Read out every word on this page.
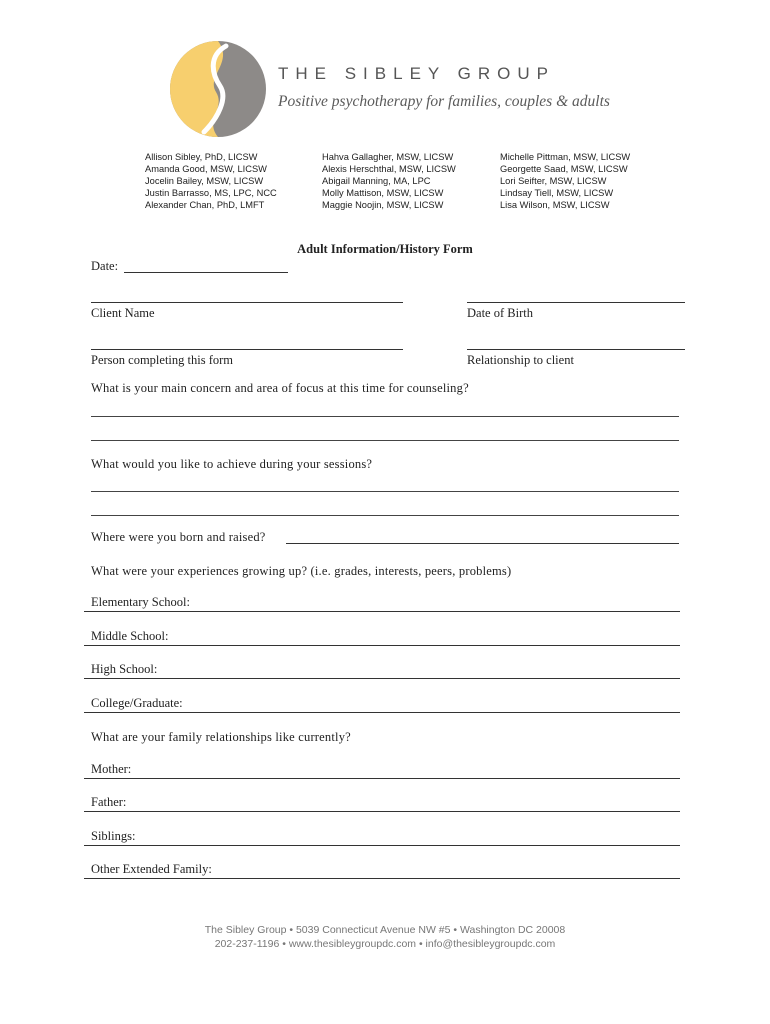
THE SIBLEY GROUP
Positive psychotherapy for families, couples & adults
Allison Sibley, PhD, LICSW
Amanda Good, MSW, LICSW
Jocelin Bailey, MSW, LICSW
Justin Barrasso, MS, LPC, NCC
Alexander Chan, PhD, LMFT
Hahva Gallagher, MSW, LICSW
Alexis Herschthal, MSW, LICSW
Abigail Manning, MA, LPC
Molly Mattison, MSW, LICSW
Maggie Noojin, MSW, LICSW
Michelle Pittman, MSW, LICSW
Georgette Saad, MSW, LICSW
Lori Seifter, MSW, LICSW
Lindsay Tiell, MSW, LICSW
Lisa Wilson, MSW, LICSW
Adult Information/History Form
Date:
Client Name	Date of Birth
Person completing this form	Relationship to client
What is your main concern and area of focus at this time for counseling?
What would you like to achieve during your sessions?
Where were you born and raised?
What were your experiences growing up? (i.e. grades, interests, peers, problems)
Elementary School:
Middle School:
High School:
College/Graduate:
What are your family relationships like currently?
Mother:
Father:
Siblings:
Other Extended Family:
The Sibley Group • 5039 Connecticut Avenue NW #5 • Washington DC 20008
202-237-1196 • www.thesibleygroupdc.com • info@thesibleygroupdc.com
